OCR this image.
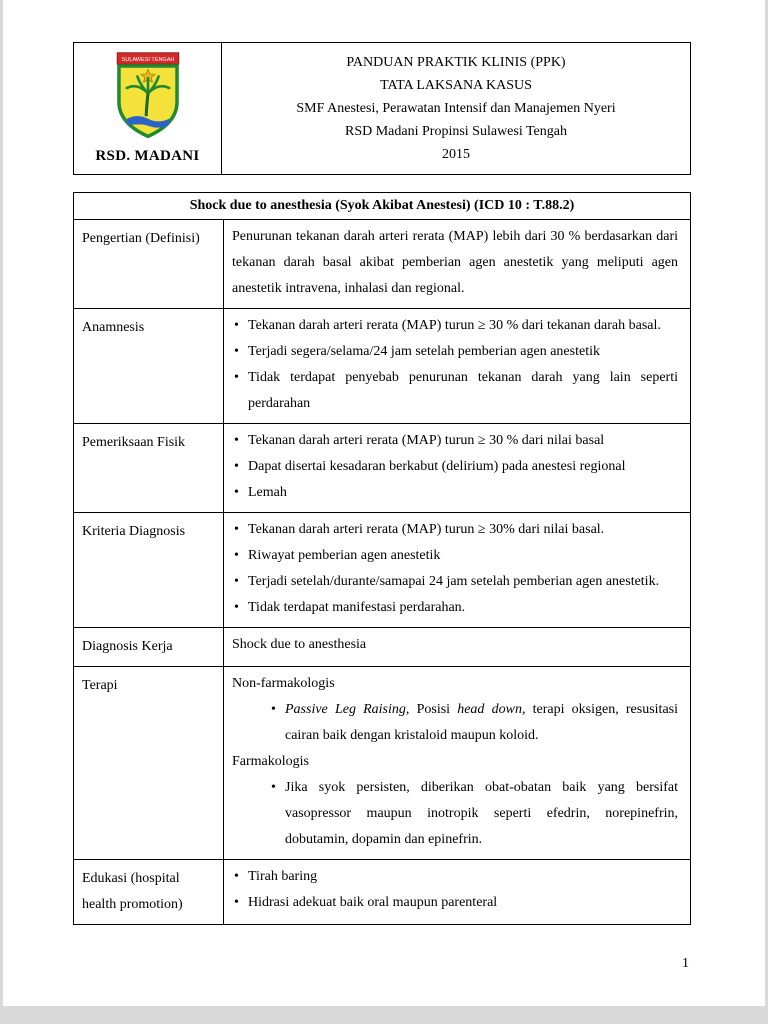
SULAWESI TENGAH
RSD. MADANI

PANDUAN PRAKTIK KLINIS (PPK)
TATA LAKSANA KASUS
SMF Anestesi, Perawatan Intensif dan Manajemen Nyeri
RSD Madani Propinsi Sulawesi Tengah
2015
Shock due to anesthesia (Syok Akibat Anestesi) (ICD 10 : T.88.2)	
Pengertian (Definisi)	Penurunan tekanan darah arteri rerata (MAP) lebih dari 30 % berdasarkan dari tekanan darah basal akibat pemberian agen anestetik yang meliputi agen anestetik intravena, inhalasi dan regional.

Anamnesis	
•Tekanan darah arteri rerata (MAP) turun ≥ 30 % dari tekanan darah basal.
• Terjadi segera/selama/24 jam setelah pemberian agen anestetik
• Tidak terdapat penyebab penurunan tekanan darah yang lain seperti perdarahan

Pemeriksaan Fisik	
•Tekanan darah arteri rerata (MAP) turun ≥ 30 % dari nilai basal
• Dapat disertai kesadaran berkabut (delirium) pada anestesi regional
• Lemah

Kriteria Diagnosis	
•Tekanan darah arteri rerata (MAP) turun ≥ 30% dari nilai basal.
• Riwayat pemberian agen anestetik
• Terjadi setelah/durante/samapai 24 jam setelah pemberian agen anestetik.
• Tidak terdapat manifestasi perdarahan.

Diagnosis Kerja	Shock due to anesthesia

Terapi	Non-farmakologis
• Passive Leg Raising, Posisi head down, terapi oksigen, resusitasi cairan baik dengan kristaloid maupun koloid.
Farmakologis
• Jika syok persisten, diberikan obat-obatan baik yang bersifat vasopressor maupun inotropik seperti efedrin, norepinefrin, dobutamin, dopamin dan epinefrin.

Edukasi (hospital health promotion)	
• Tirah baring
• Hidrasi adekuat baik oral maupun parenteral
1
